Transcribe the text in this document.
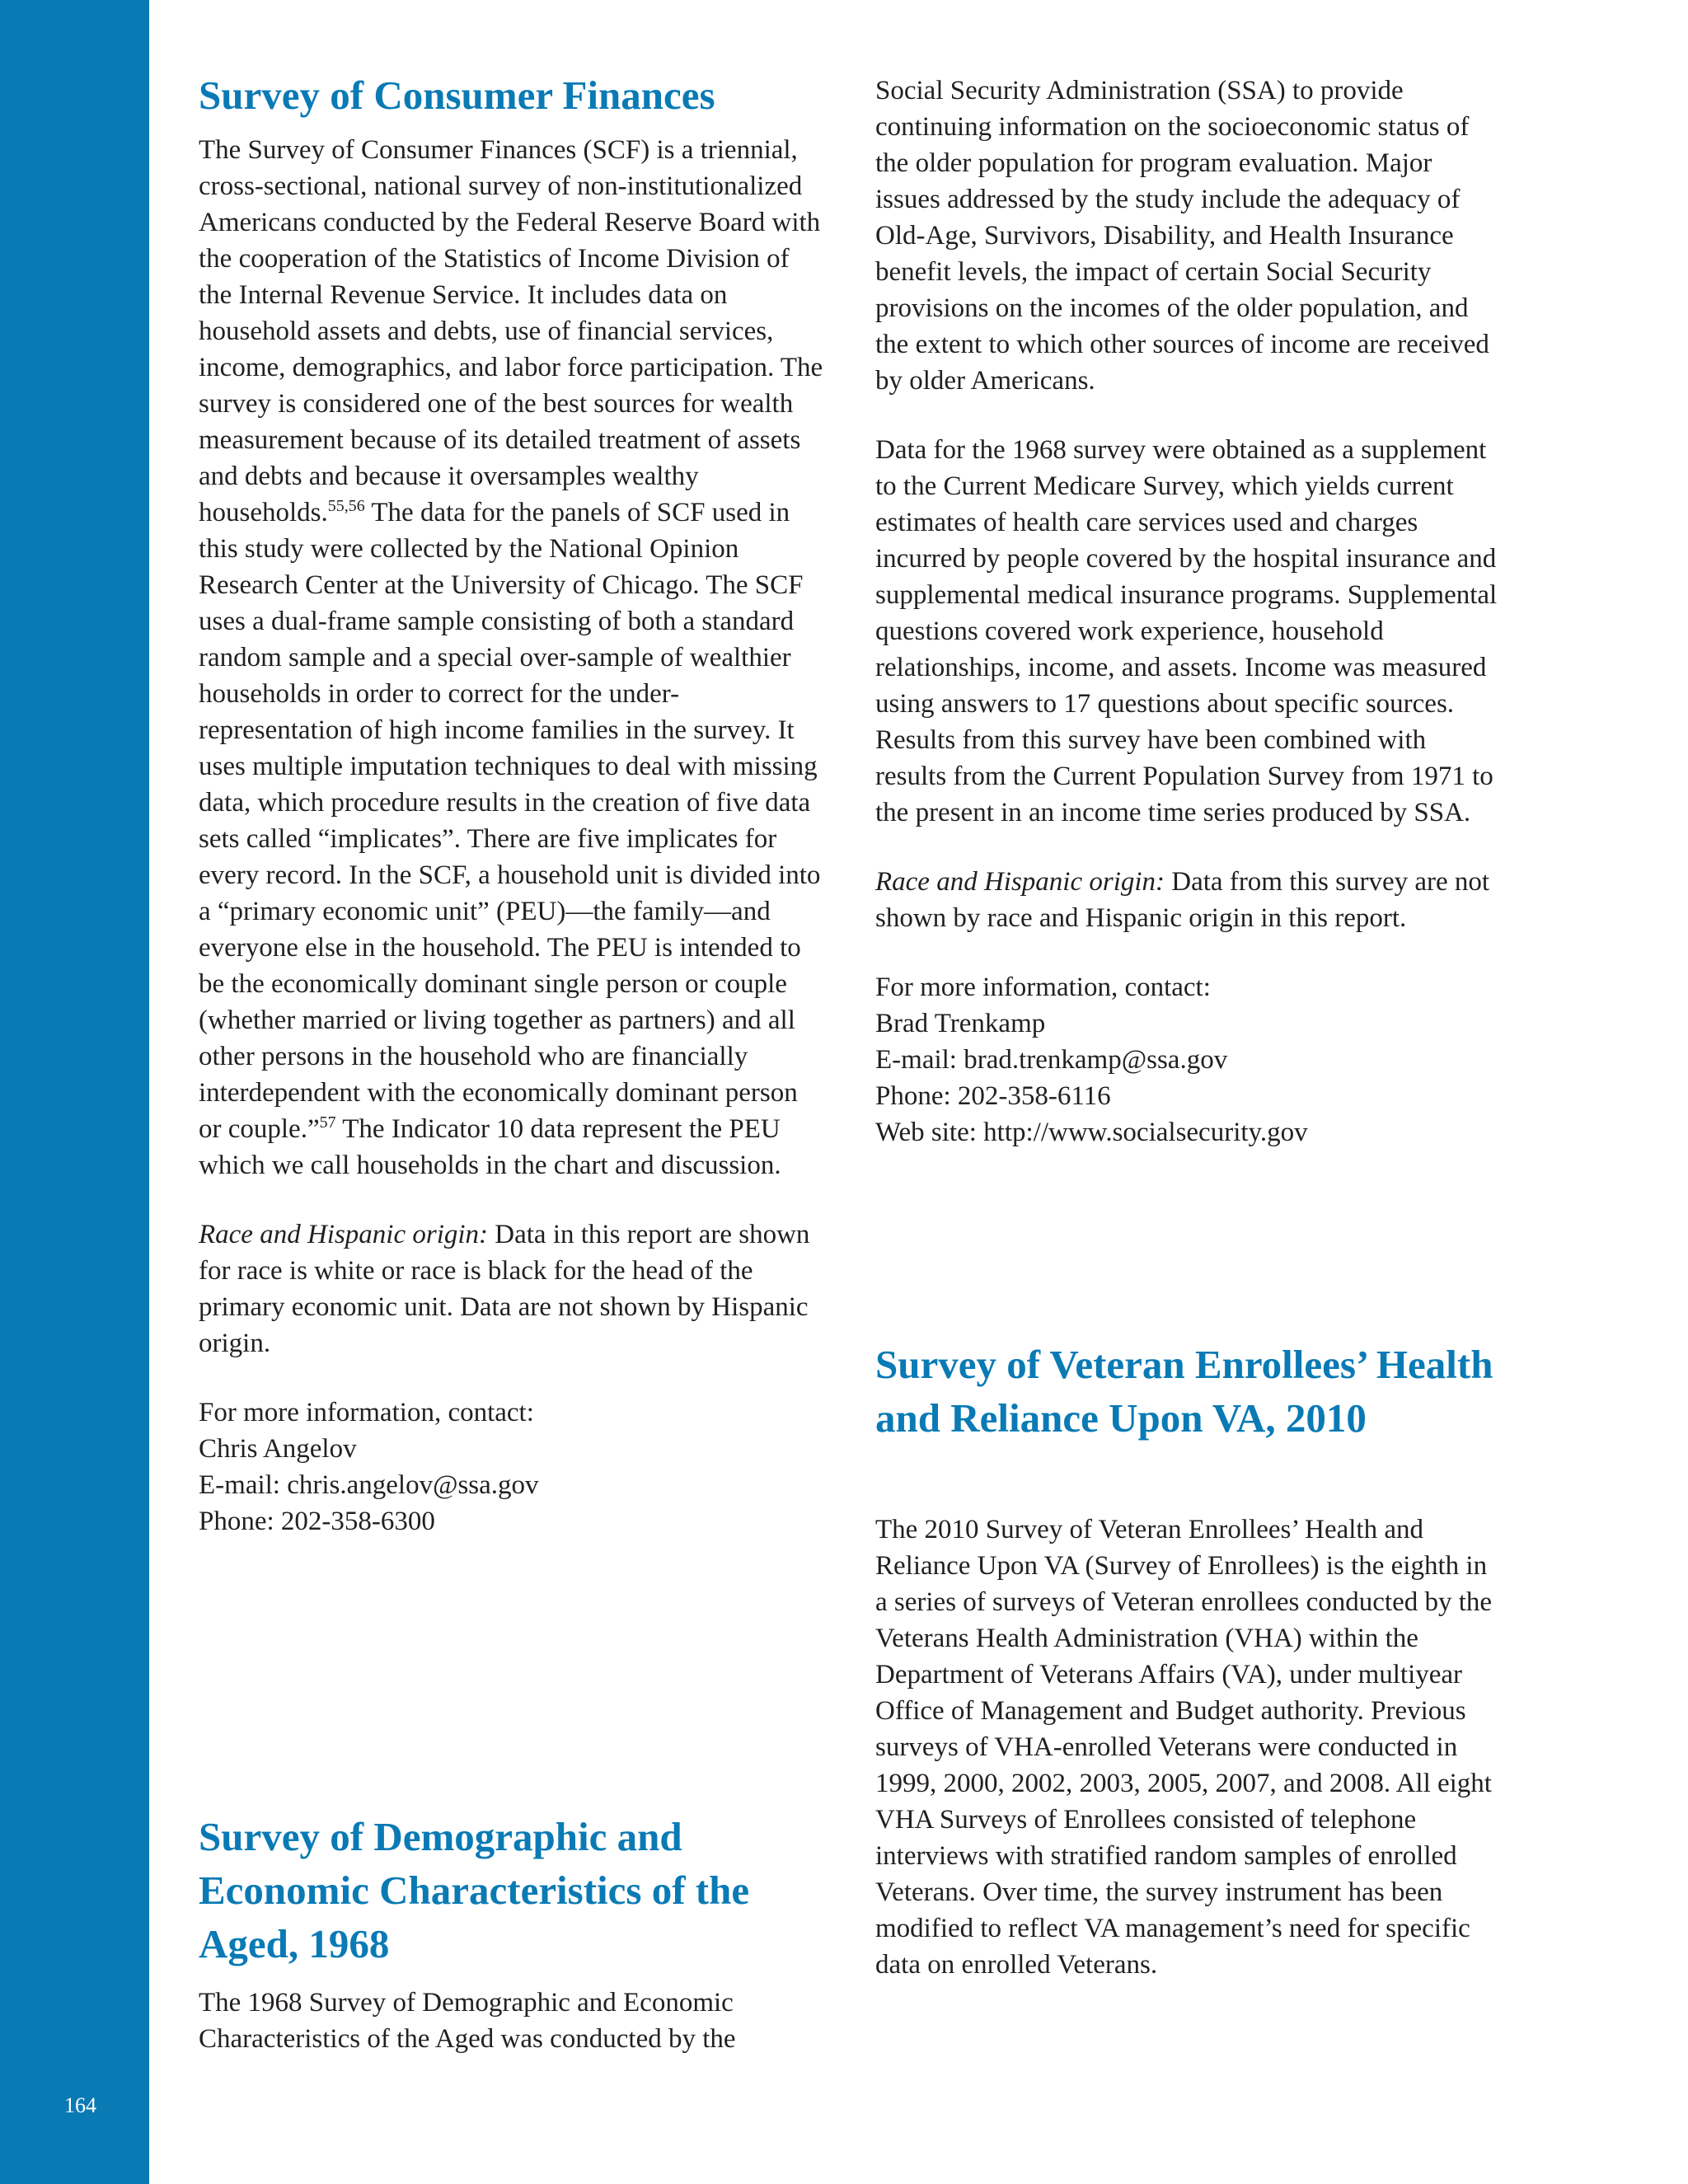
164
Survey of Consumer Finances

The Survey of Consumer Finances (SCF) is a triennial, cross-sectional, national survey of non-institutionalized Americans conducted by the Federal Reserve Board with the cooperation of the Statistics of Income Division of the Internal Revenue Service. It includes data on household assets and debts, use of financial services, income, demographics, and labor force participation. The survey is considered one of the best sources for wealth measurement because of its detailed treatment of assets and debts and because it oversamples wealthy households.$^{55,56}$ The data for the panels of SCF used in this study were collected by the National Opinion Research Center at the University of Chicago. The SCF uses a dual-frame sample consisting of both a standard random sample and a special over-sample of wealthier households in order to correct for the under-representation of high income families in the survey. It uses multiple imputation techniques to deal with missing data, which procedure results in the creation of five data sets called “implicates”. There are five implicates for every record. In the SCF, a household unit is divided into a “primary economic unit” (PEU)—the family—and everyone else in the household. The PEU is intended to be the economically dominant single person or couple (whether married or living together as partners) and all other persons in the household who are financially interdependent with the economically dominant person or couple.”$^{57}$ The Indicator 10 data represent the PEU which we call households in the chart and discussion.

Race and Hispanic origin: Data in this report are shown for race is white or race is black for the head of the primary economic unit. Data are not shown by Hispanic origin.

For more information, contact:

Chris Angelov

E-mail: chris.angelov@ssa.gov

Phone: 202-358-6300

Survey of Demographic and Economic Characteristics of the Aged, 1968

The 1968 Survey of Demographic and Economic Characteristics of the Aged was conducted by the

Social Security Administration (SSA) to provide continuing information on the socioeconomic status of the older population for program evaluation. Major issues addressed by the study include the adequacy of Old-Age, Survivors, Disability, and Health Insurance benefit levels, the impact of certain Social Security provisions on the incomes of the older population, and the extent to which other sources of income are received by older Americans.

Data for the 1968 survey were obtained as a supplement to the Current Medicare Survey, which yields current estimates of health care services used and charges incurred by people covered by the hospital insurance and supplemental medical insurance programs. Supplemental questions covered work experience, household relationships, income, and assets. Income was measured using answers to 17 questions about specific sources. Results from this survey have been combined with results from the Current Population Survey from 1971 to the present in an income time series produced by SSA.

Race and Hispanic origin: Data from this survey are not shown by race and Hispanic origin in this report.

For more information, contact:

Brad Trenkamp

E-mail: brad.trenkamp@ssa.gov

Phone: 202-358-6116

Web site: http://www.socialsecurity.gov

Survey of Veteran Enrollees’ Health and Reliance Upon VA, 2010

The 2010 Survey of Veteran Enrollees’ Health and Reliance Upon VA (Survey of Enrollees) is the eighth in a series of surveys of Veteran enrollees conducted by the Veterans Health Administration (VHA) within the Department of Veterans Affairs (VA), under multiyear Office of Management and Budget authority. Previous surveys of VHA-enrolled Veterans were conducted in 1999, 2000, 2002, 2003, 2005, 2007, and 2008. All eight VHA Surveys of Enrollees consisted of telephone interviews with stratified random samples of enrolled Veterans. Over time, the survey instrument has been modified to reflect VA management’s need for specific data on enrolled Veterans.
